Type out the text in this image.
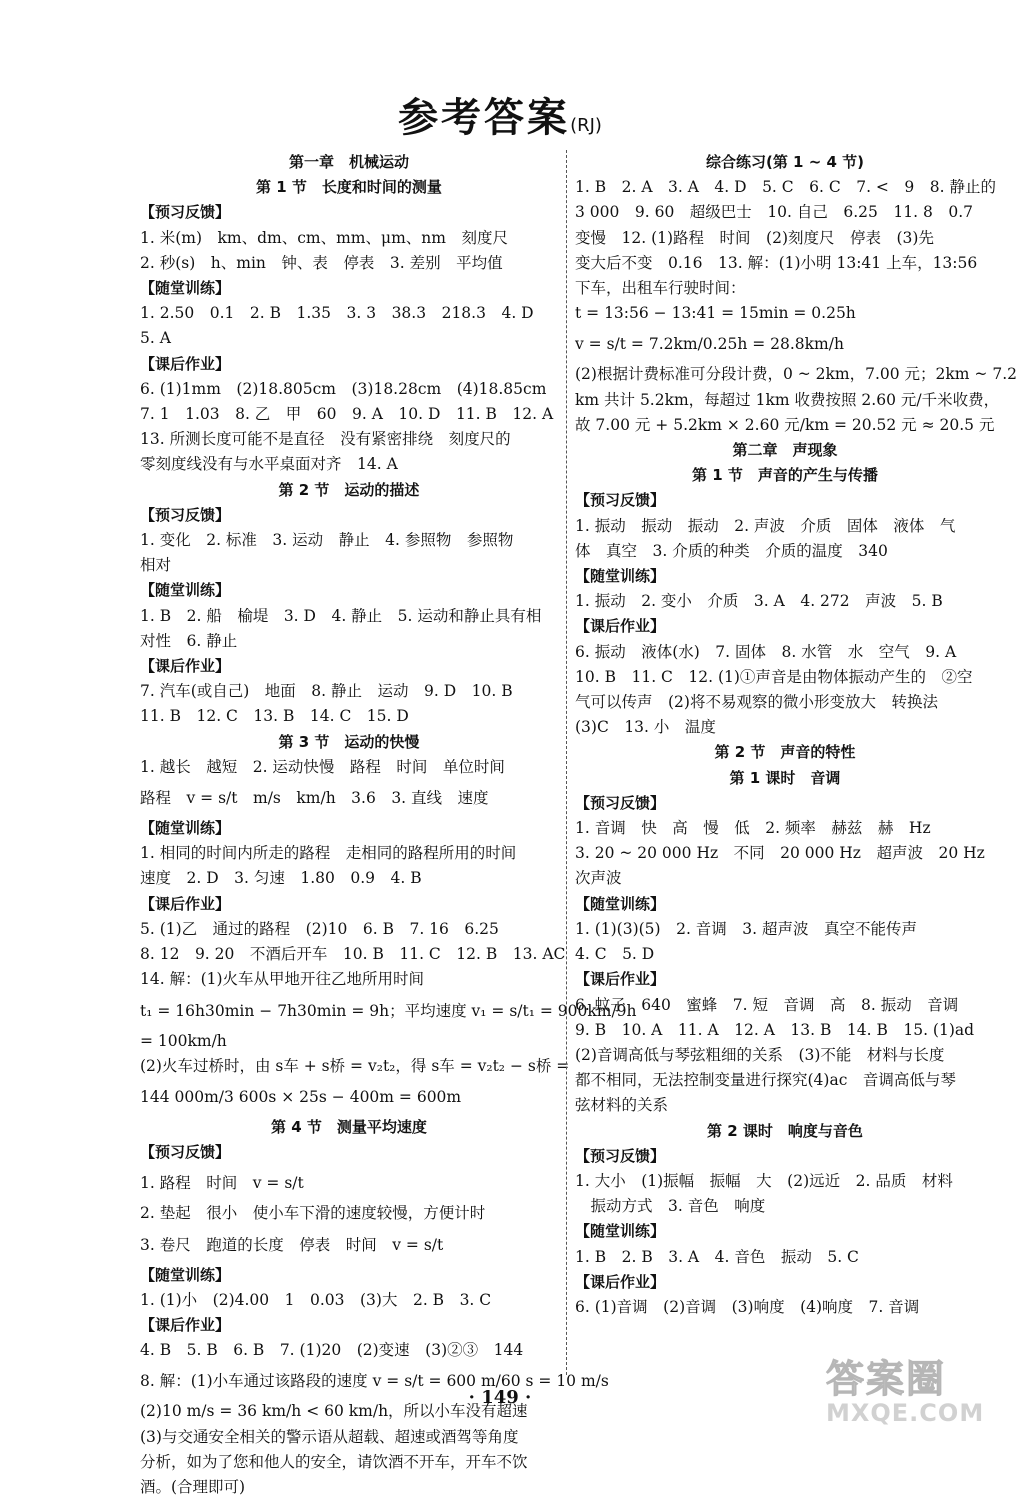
参考答案(RJ)
第一章　机械运动
第 1 节　长度和时间的测量
【预习反馈】
1. 米(m)　km、dm、cm、mm、μm、nm　刻度尺
2. 秒(s)　h、min　钟、表　停表　3. 差别　平均值
【随堂训练】
1. 2.50　0.1　2. B　1.35　3. 3　38.3　218.3　4. D
5. A
【课后作业】
6. (1)1mm　(2)18.805cm　(3)18.28cm　(4)18.85cm
7. 1　1.03　8. 乙　甲　60　9. A　10. D　11. B　12. A
13. 所测长度可能不是直径　没有紧密排绕　刻度尺的
零刻度线没有与水平桌面对齐　14. A
第 2 节　运动的描述
【预习反馈】
1. 变化　2. 标准　3. 运动　静止　4. 参照物　参照物
相对
【随堂训练】
1. B　2. 船　榆堤　3. D　4. 静止　5. 运动和静止具有相
对性　6. 静止
【课后作业】
7. 汽车(或自己)　地面　8. 静止　运动　9. D　10. B
11. B　12. C　13. B　14. C　15. D
第 3 节　运动的快慢
1. 越长　越短　2. 运动快慢　路程　时间　单位时间
路程　v = s/t　m/s　km/h　3.6　3. 直线　速度
【随堂训练】
1. 相同的时间内所走的路程　走相同的路程所用的时间
速度　2. D　3. 匀速　1.80　0.9　4. B
【课后作业】
5. (1)乙　通过的路程　(2)10　6. B　7. 16　6.25
8. 12　9. 20　不酒后开车　10. B　11. C　12. B　13. AC
14. 解：(1)火车从甲地开往乙地所用时间
t₁ = 16h30min − 7h30min = 9h；平均速度 v₁ = s/t₁ = 900km/9h
= 100km/h
(2)火车过桥时，由 s车 + s桥 = v₂t₂，得 s车 = v₂t₂ − s桥 =
144 000m/3 600s × 25s − 400m = 600m
第 4 节　测量平均速度
【预习反馈】
1. 路程　时间　v = s/t
2. 垫起　很小　使小车下滑的速度较慢，方便计时
3. 卷尺　跑道的长度　停表　时间　v = s/t
【随堂训练】
1. (1)小　(2)4.00　1　0.03　(3)大　2. B　3. C
【课后作业】
4. B　5. B　6. B　7. (1)20　(2)变速　(3)②③　144
8. 解：(1)小车通过该路段的速度 v = s/t = 600 m/60 s = 10 m/s
(2)10 m/s = 36 km/h < 60 km/h，所以小车没有超速
(3)与交通安全相关的警示语从超载、超速或酒驾等角度
分析，如为了您和他人的安全，请饮酒不开车，开车不饮
酒。(合理即可)
综合练习(第 1 ~ 4 节)
1. B　2. A　3. A　4. D　5. C　6. C　7. <　9　8. 静止的
3 000　9. 60　超级巴士　10. 自己　6.25　11. 8　0.7
变慢　12. (1)路程　时间　(2)刻度尺　停表　(3)先
变大后不变　0.16　13. 解：(1)小明 13:41 上车，13:56
下车，出租车行驶时间：
t = 13:56 − 13:41 = 15min = 0.25h
v = s/t = 7.2km/0.25h = 28.8km/h
(2)根据计费标准可分段计费，0 ~ 2km，7.00 元；2km ~ 7.2
km 共计 5.2km，每超过 1km 收费按照 2.60 元/千米收费，
故 7.00 元 + 5.2km × 2.60 元/km = 20.52 元 ≈ 20.5 元
第二章　声现象
第 1 节　声音的产生与传播
【预习反馈】
1. 振动　振动　振动　2. 声波　介质　固体　液体　气
体　真空　3. 介质的种类　介质的温度　340
【随堂训练】
1. 振动　2. 变小　介质　3. A　4. 272　声波　5. B
【课后作业】
6. 振动　液体(水)　7. 固体　8. 水管　水　空气　9. A
10. B　11. C　12. (1)①声音是由物体振动产生的　②空
气可以传声　(2)将不易观察的微小形变放大　转换法
(3)C　13. 小　温度
第 2 节　声音的特性
第 1 课时　音调
【预习反馈】
1. 音调　快　高　慢　低　2. 频率　赫兹　赫　Hz
3. 20 ~ 20 000 Hz　不同　20 000 Hz　超声波　20 Hz
次声波
【随堂训练】
1. (1)(3)(5)　2. 音调　3. 超声波　真空不能传声
4. C　5. D
【课后作业】
6. 蚊子　640　蜜蜂　7. 短　音调　高　8. 振动　音调
9. B　10. A　11. A　12. A　13. B　14. B　15. (1)ad
(2)音调高低与琴弦粗细的关系　(3)不能　材料与长度
都不相同，无法控制变量进行探究(4)ac　音调高低与琴
弦材料的关系
第 2 课时　响度与音色
【预习反馈】
1. 大小　(1)振幅　振幅　大　(2)远近　2. 品质　材料
　振动方式　3. 音色　响度
【随堂训练】
1. B　2. B　3. A　4. 音色　振动　5. C
【课后作业】
6. (1)音调　(2)音调　(3)响度　(4)响度　7. 音调
· 149 ·	答案圈
MXQE.COM
